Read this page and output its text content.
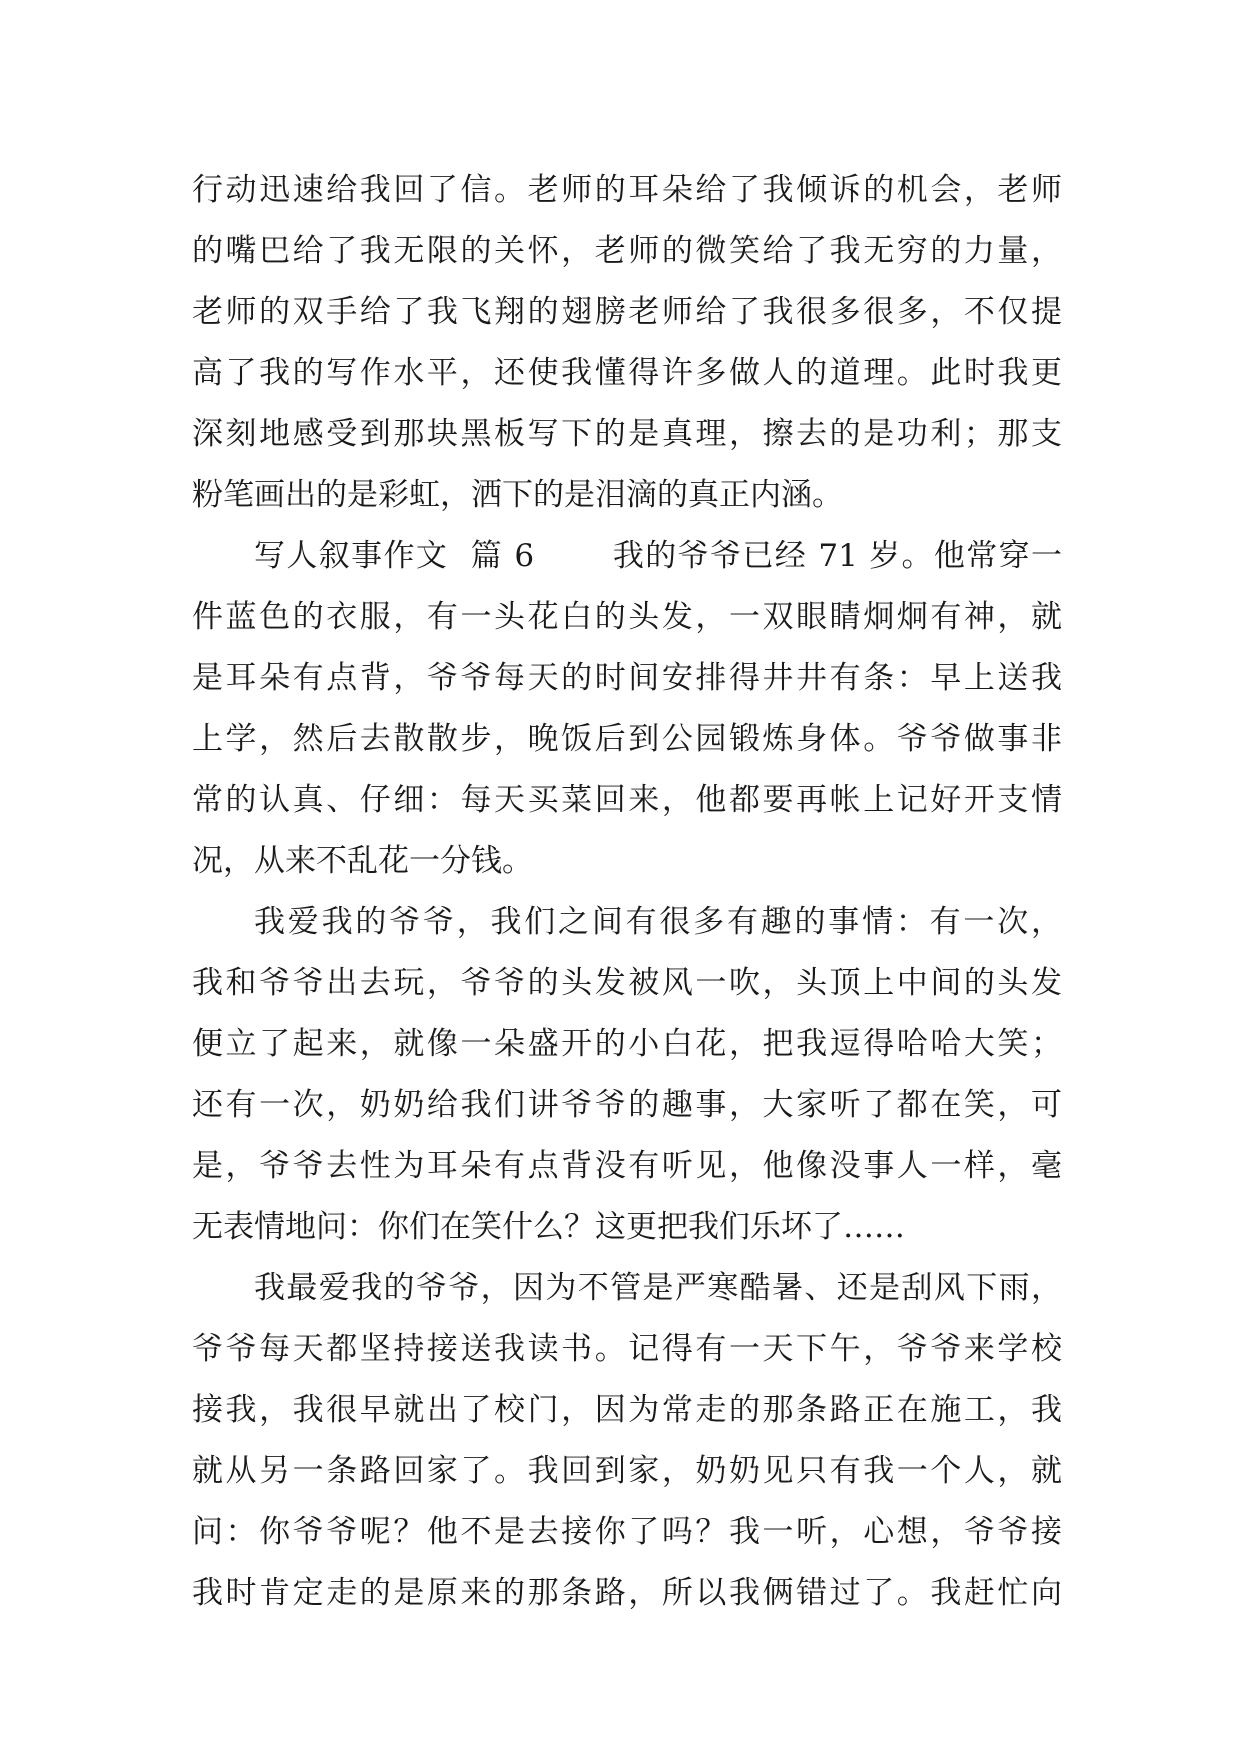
行动迅速给我回了信。老师的耳朵给了我倾诉的机会，老师
的嘴巴给了我无限的关怀，老师的微笑给了我无穷的力量，
老师的双手给了我飞翔的翅膀老师给了我很多很多，不仅提
高了我的写作水平，还使我懂得许多做人的道理。此时我更
深刻地感受到那块黑板写下的是真理，擦去的是功利；那支
粉笔画出的是彩虹，洒下的是泪滴的真正内涵。
写人叙事作文  篇 6       我的爷爷已经 71 岁。他常穿一
件蓝色的衣服，有一头花白的头发，一双眼睛炯炯有神，就
是耳朵有点背，爷爷每天的时间安排得井井有条：早上送我
上学，然后去散散步，晚饭后到公园锻炼身体。爷爷做事非
常的认真、仔细：每天买菜回来，他都要再帐上记好开支情
况，从来不乱花一分钱。
我爱我的爷爷，我们之间有很多有趣的事情：有一次，
我和爷爷出去玩，爷爷的头发被风一吹，头顶上中间的头发
便立了起来，就像一朵盛开的小白花，把我逗得哈哈大笑；
还有一次，奶奶给我们讲爷爷的趣事，大家听了都在笑，可
是，爷爷去性为耳朵有点背没有听见，他像没事人一样，毫
无表情地问：你们在笑什么？这更把我们乐坏了……
我最爱我的爷爷，因为不管是严寒酷暑、还是刮风下雨，
爷爷每天都坚持接送我读书。记得有一天下午，爷爷来学校
接我，我很早就出了校门，因为常走的那条路正在施工，我
就从另一条路回家了。我回到家，奶奶见只有我一个人，就
问：你爷爷呢？他不是去接你了吗？我一听，心想，爷爷接
我时肯定走的是原来的那条路，所以我俩错过了。我赶忙向
